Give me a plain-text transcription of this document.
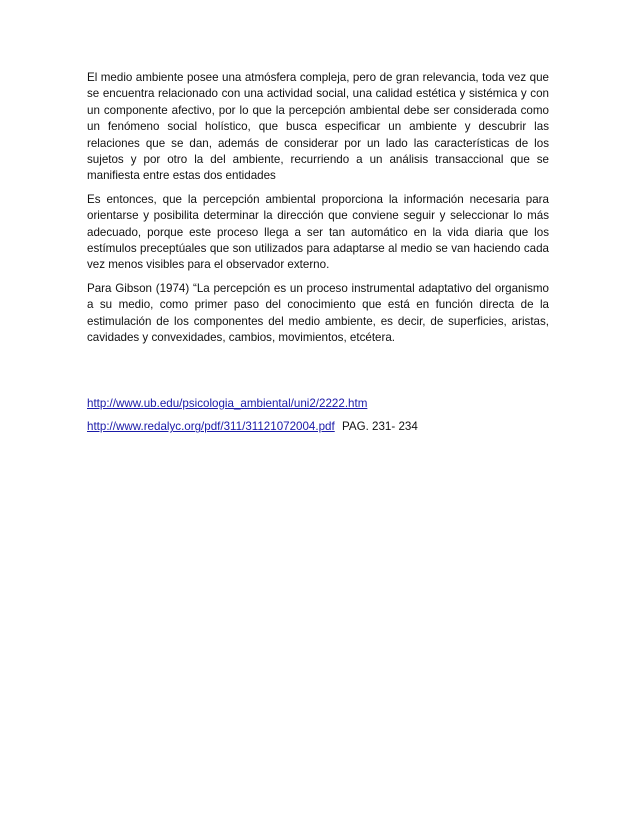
El medio ambiente posee una atmósfera compleja, pero de gran relevancia, toda vez que se encuentra relacionado con una actividad social, una calidad estética y sistémica y con un componente afectivo, por lo que la percepción ambiental debe ser considerada como un fenómeno social holístico, que busca especificar un ambiente y descubrir las relaciones que se dan, además de considerar por un lado las características de los sujetos y por otro la del ambiente, recurriendo a un análisis transaccional que se manifiesta entre estas dos entidades

Es entonces, que la percepción ambiental proporciona la información necesaria para orientarse y posibilita determinar la dirección que conviene seguir y seleccionar lo más adecuado, porque este proceso llega a ser tan automático en la vida diaria que los estímulos preceptúales que son utilizados para adaptarse al medio se van haciendo cada vez menos visibles para el observador externo.

Para Gibson (1974) “La percepción es un proceso instrumental adaptativo del organismo a su medio, como primer paso del conocimiento que está en función directa de la estimulación de los componentes del medio ambiente, es decir, de superficies, aristas, cavidades y convexidades, cambios, movimientos, etcétera.

http://www.ub.edu/psicologia_ambiental/uni2/2222.htm
http://www.redalyc.org/pdf/311/31121072004.pdf PAG. 231- 234
